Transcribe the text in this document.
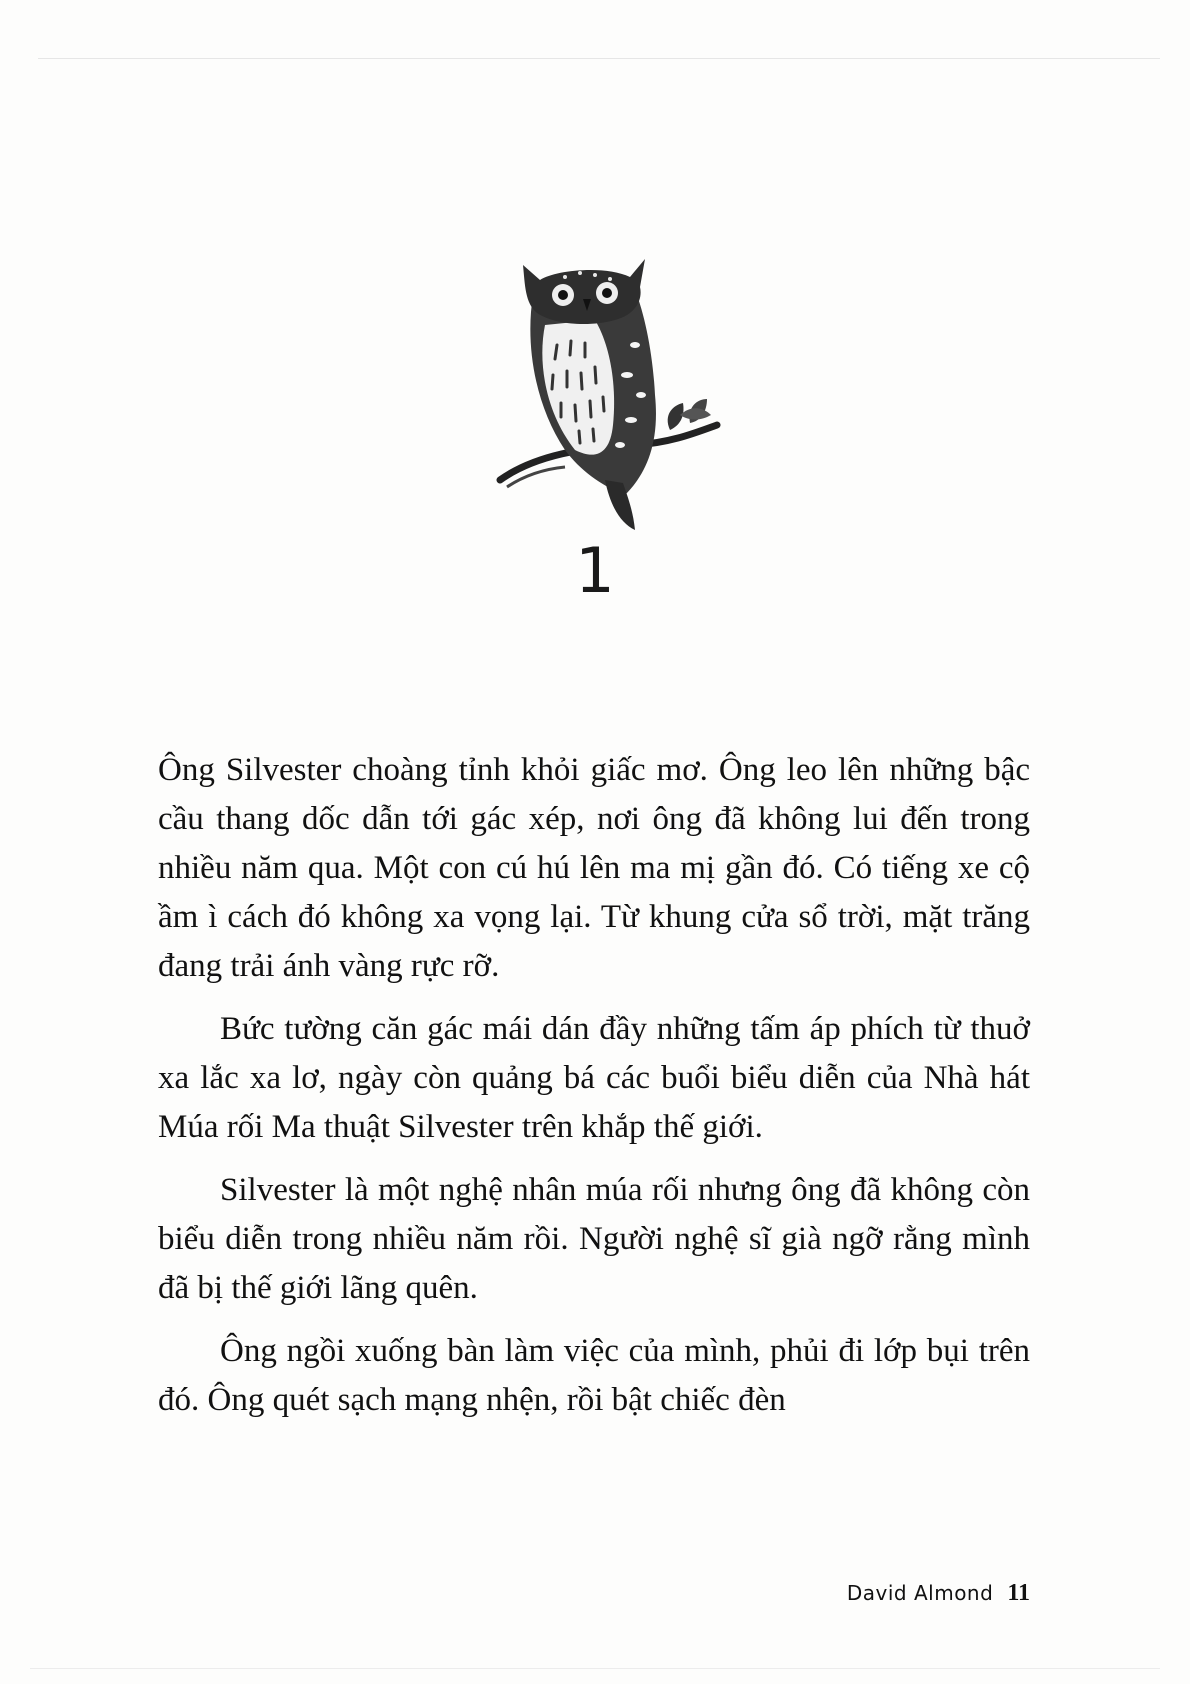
1

Ông Silvester choàng tỉnh khỏi giấc mơ. Ông leo lên những bậc cầu thang dốc dẫn tới gác xép, nơi ông đã không lui đến trong nhiều năm qua. Một con cú hú lên ma mị gần đó. Có tiếng xe cộ ầm ì cách đó không xa vọng lại. Từ khung cửa sổ trời, mặt trăng đang trải ánh vàng rực rỡ.

Bức tường căn gác mái dán đầy những tấm áp phích từ thuở xa lắc xa lơ, ngày còn quảng bá các buổi biểu diễn của Nhà hát Múa rối Ma thuật Silvester trên khắp thế giới.

Silvester là một nghệ nhân múa rối nhưng ông đã không còn biểu diễn trong nhiều năm rồi. Người nghệ sĩ già ngỡ rằng mình đã bị thế giới lãng quên.

Ông ngồi xuống bàn làm việc của mình, phủi đi lớp bụi trên đó. Ông quét sạch mạng nhện, rồi bật chiếc đèn

David Almond 11
